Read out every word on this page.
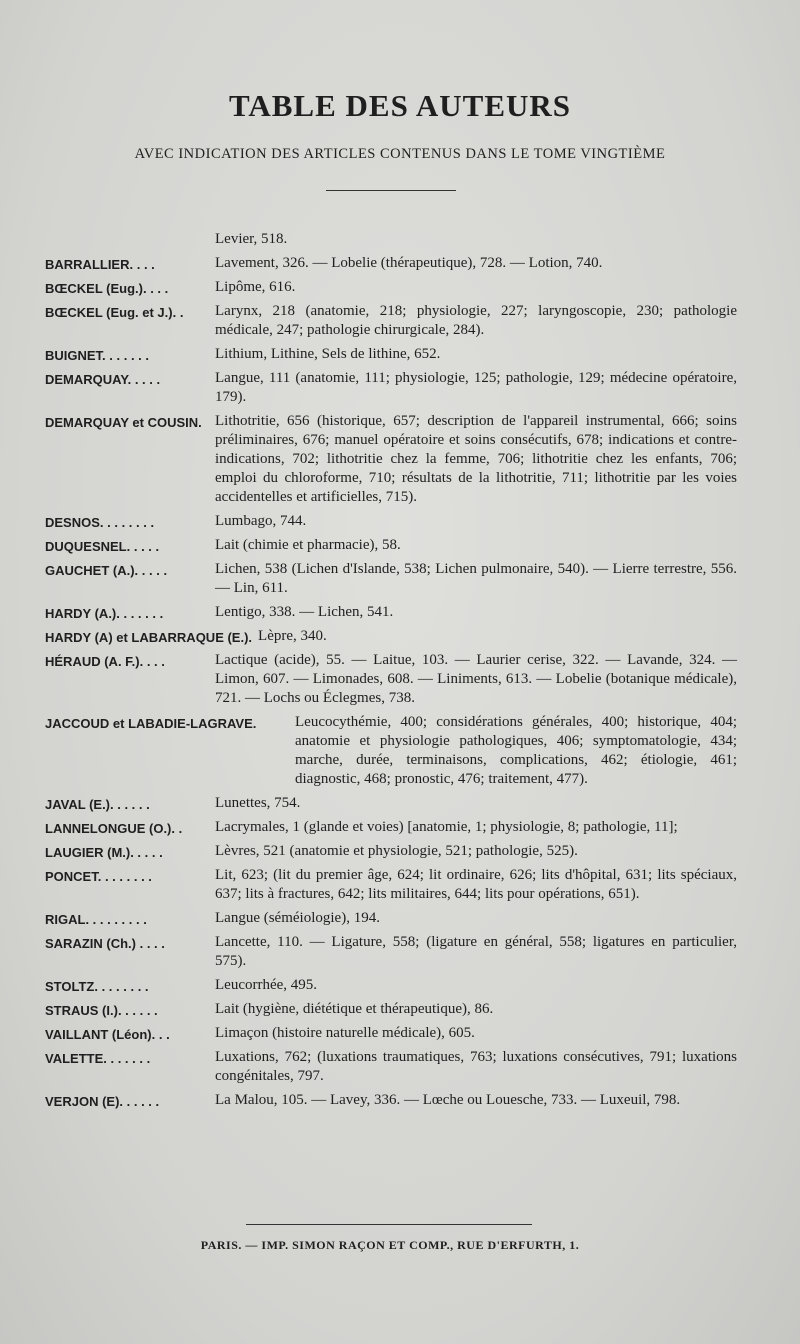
TABLE DES AUTEURS
AVEC INDICATION DES ARTICLES CONTENUS DANS LE TOME VINGTIÈME
Levier, 518.
BARRALLIER. . . .	Lavement, 326. — Lobelie (thérapeutique), 728. — Lotion, 740.
BŒCKEL (Eug.). . . .	Lipôme, 616.
BŒCKEL (Eug. et J.). .	Larynx, 218 (anatomie, 218; physiologie, 227; laryngoscopie, 230; pathologie médicale, 247; pathologie chirurgicale, 284).
BUIGNET. . . . . . .	Lithium, Lithine, Sels de lithine, 652.
DEMARQUAY. . . . .	Langue, 111 (anatomie, 111; physiologie, 125; pathologie, 129; médecine opératoire, 179).
DEMARQUAY et COUSIN. Lithotritie, 656 (historique, 657; description de l'appareil instrumental, 666; soins préliminaires, 676; manuel opératoire et soins consécutifs, 678; indications et contre-indications, 702; lithotritie chez la femme, 706; lithotritie chez les enfants, 706; emploi du chloroforme, 710; résultats de la lithotritie, 711; lithotritie par les voies accidentelles et artificielles, 715).
DESNOS. . . . . . . .	Lumbago, 744.
DUQUESNEL. . . . .	Lait (chimie et pharmacie), 58.
GAUCHET (A.). . . . .	Lichen, 538 (Lichen d'Islande, 538; Lichen pulmonaire, 540). — Lierre terrestre, 556. — Lin, 611.
HARDY (A.). . . . . . .	Lentigo, 338. — Lichen, 541.
HARDY (A) et LABARRAQUE (E.). Lèpre, 340.
HÉRAUD (A. F.). . . .	Lactique (acide), 55. — Laitue, 103. — Laurier cerise, 322. — Lavande, 324. — Limon, 607. — Limonades, 608. — Liniments, 613. — Lobelie (botanique médicale), 721. — Lochs ou Éclegmes, 738.
JACCOUD et LABADIE-LAGRAVE.	Leucocythémie, 400; considérations générales, 400; historique, 404; anatomie et physiologie pathologiques, 406; symptomatologie, 434; marche, durée, terminaisons, complications, 462; étiologie, 461; diagnostic, 468; pronostic, 476; traitement, 477).
JAVAL (E.). . . . . .	Lunettes, 754.
LANNELONGUE (O.). .	Lacrymales, 1 (glande et voies) [anatomie, 1; physiologie, 8; pathologie, 11];
LAUGIER (M.). . . . .	Lèvres, 521 (anatomie et physiologie, 521; pathologie, 525).
PONCET. . . . . . . .	Lit, 623; (lit du premier âge, 624; lit ordinaire, 626; lits d'hôpital, 631; lits spéciaux, 637; lits à fractures, 642; lits militaires, 644; lits pour opérations, 651).
RIGAL. . . . . . . . .	Langue (séméiologie), 194.
SARAZIN (Ch.) . . . .	Lancette, 110. — Ligature, 558; (ligature en général, 558; ligatures en particulier, 575).
STOLTZ. . . . . . . .	Leucorrhée, 495.
STRAUS (I.). . . . . .	Lait (hygiène, diététique et thérapeutique), 86.
VAILLANT (Léon). . .	Limaçon (histoire naturelle médicale), 605.
VALETTE. . . . . . .	Luxations, 762; (luxations traumatiques, 763; luxations consécutives, 791; luxations congénitales, 797.
VERJON (E). . . . . .	La Malou, 105. — Lavey, 336. — Lœche ou Louesche, 733. — Luxeuil, 798.
PARIS. — IMP. SIMON RAÇON ET COMP., RUE D'ERFURTH, 1.
